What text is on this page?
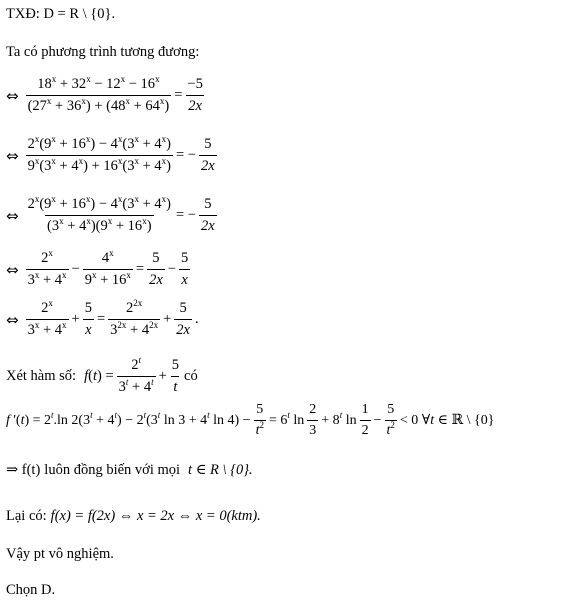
TXĐ: D = R \ {0}.
Ta có phương trình tương đương:
⇔ $\frac{18^x + 32^x - 12^x - 16^x}{(27^x + 36^x) + (48^x + 64^x)} = \frac{-5}{2x}$
⇔ $\frac{2^x(9^x + 16^x) - 4^x(3^x + 4^x)}{9^x(3^x + 4^x) + 16^x(3^x + 4^x)}$ = − $\frac{5}{2x}$
⇔ $\frac{2^x(9^x + 16^x) - 4^x(3^x + 4^x)}{(3^x + 4^x)(9^x + 16^x)}$ = − $\frac{5}{2x}$
⇔ $\frac{2^x}{3^x + 4^x} - \frac{4^x}{9^x + 16^x} = \frac{5}{2x} - \frac{5}{x}$
⇔ $\frac{2^x}{3^x + 4^x} + \frac{5}{x} = \frac{2^{2x}}{3^{2x} + 4^{2x}} + \frac{5}{2x}$ .
Xét hàm số: $f(t) = \frac{2^t}{3^t + 4^t} + \frac{5}{t}$ có
f '$(t) = 2^t.\ln$ $2(3^t + 4^t) - 2^t(3^t$ $\ln 3 + 4^t$ $\ln 4) - \frac{5}{t^2} = 6^t$ $\ln \frac{2}{3} + 8^t$ $\ln \frac{1}{2} - \frac{5}{t^2} < 0$ ∀t ∈ ℝ \ {0}
⇒ f(t) luôn đồng biến với mọi t ∈ R \ {0}.
Lại có: f(x) = f(2x) ⇔ x = 2x ⇔ x = 0(ktm).
Vậy pt vô nghiệm.
Chọn D.
